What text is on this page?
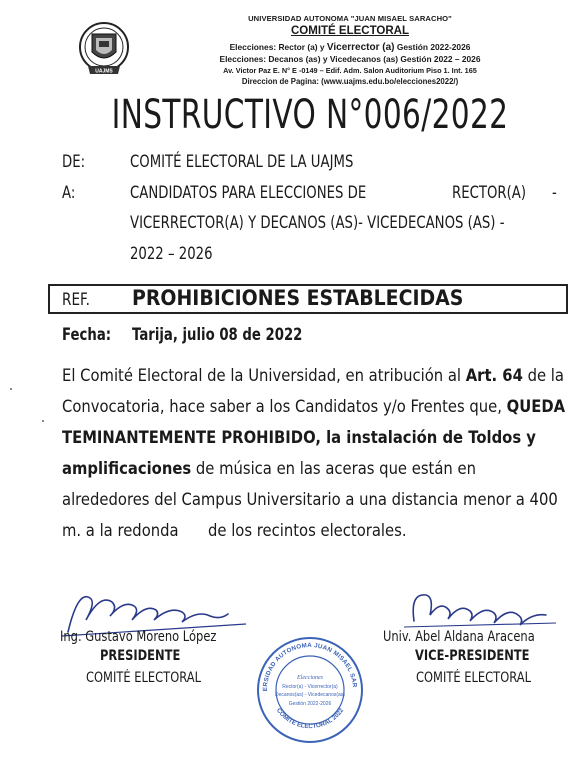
UAJMS
UNIVERSIDAD AUTONOMA "JUAN MISAEL SARACHO"
COMITÉ ELECTORAL
Elecciones: Rector (a) y Vicerrector (a) Gestión 2022-2026
Elecciones: Decanos (as) y Vicedecanos (as) Gestión 2022 – 2026
Av. Victor Paz E. N° E -0149 – Edif. Adm. Salon Auditorium Piso 1. Int. 165
Direccion de Pagina: (www.uajms.edu.bo/elecciones2022/)
INSTRUCTIVO N°006/2022
DE:	COMITÉ ELECTORAL DE LA UAJMS
A:	CANDIDATOS PARA ELECCIONES DE	RECTOR(A) -
VICERRECTOR(A) Y DECANOS (AS)- VICEDECANOS (AS) -
2022 – 2026
REF. PROHIBICIONES ESTABLECIDAS
Fecha: Tarija, julio 08 de 2022
El Comité Electoral de la Universidad, en atribución al Art. 64 de la
Convocatoria, hace saber a los Candidatos y/o Frentes que, QUEDA
TEMINANTEMENTE PROHIBIDO, la instalación de Toldos y
amplificaciones de música en las aceras que están en
alrededores del Campus Universitario a una distancia menor a 400
m. a la redonda de los recintos electorales.
Ing. Gustavo Moreno López
PRESIDENTE
COMITÉ ELECTORAL
Univ. Abel Aldana Aracena
VICE-PRESIDENTE
COMITÉ ELECTORAL
ERSIDAD AUTONOMA JUAN MISAEL SAR
COMITE ELECTORAL 2022
Elecciones
Rector(a) - Vicerrector(a)
Decanos(as) - Vicedecanos(as)
Gestión 2022-2026
